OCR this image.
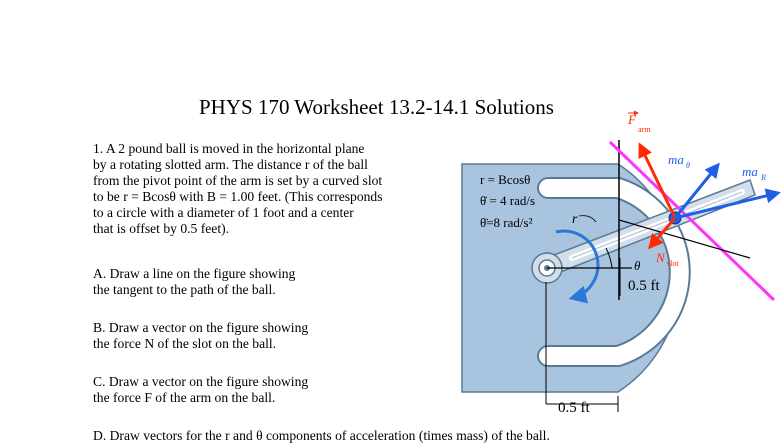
PHYS 170 Worksheet 13.2-14.1 Solutions
1. A 2 pound ball is moved in the horizontal plane
by a rotating slotted arm. The distance r of the ball
from the pivot point of the arm is set by a curved slot
to be r = Bcosθ with B = 1.00 feet. (This corresponds
to a circle with a diameter of 1 foot and a center
that is offset by 0.5 feet).
A. Draw a line on the figure showing
the tangent to the path of the ball.
B. Draw a vector on the figure showing
the force N of the slot on the ball.
C. Draw a vector on the figure showing
the force F of the arm on the ball.
D. Draw vectors for the r and θ components of acceleration (times mass) of the ball.
r = Bcosθ
θ̇ = 4 rad/s
θ̈=8 rad/s²	r
θ
0.5 ft
0.5 ft
F
arm
N slot
ma θ	ma R
